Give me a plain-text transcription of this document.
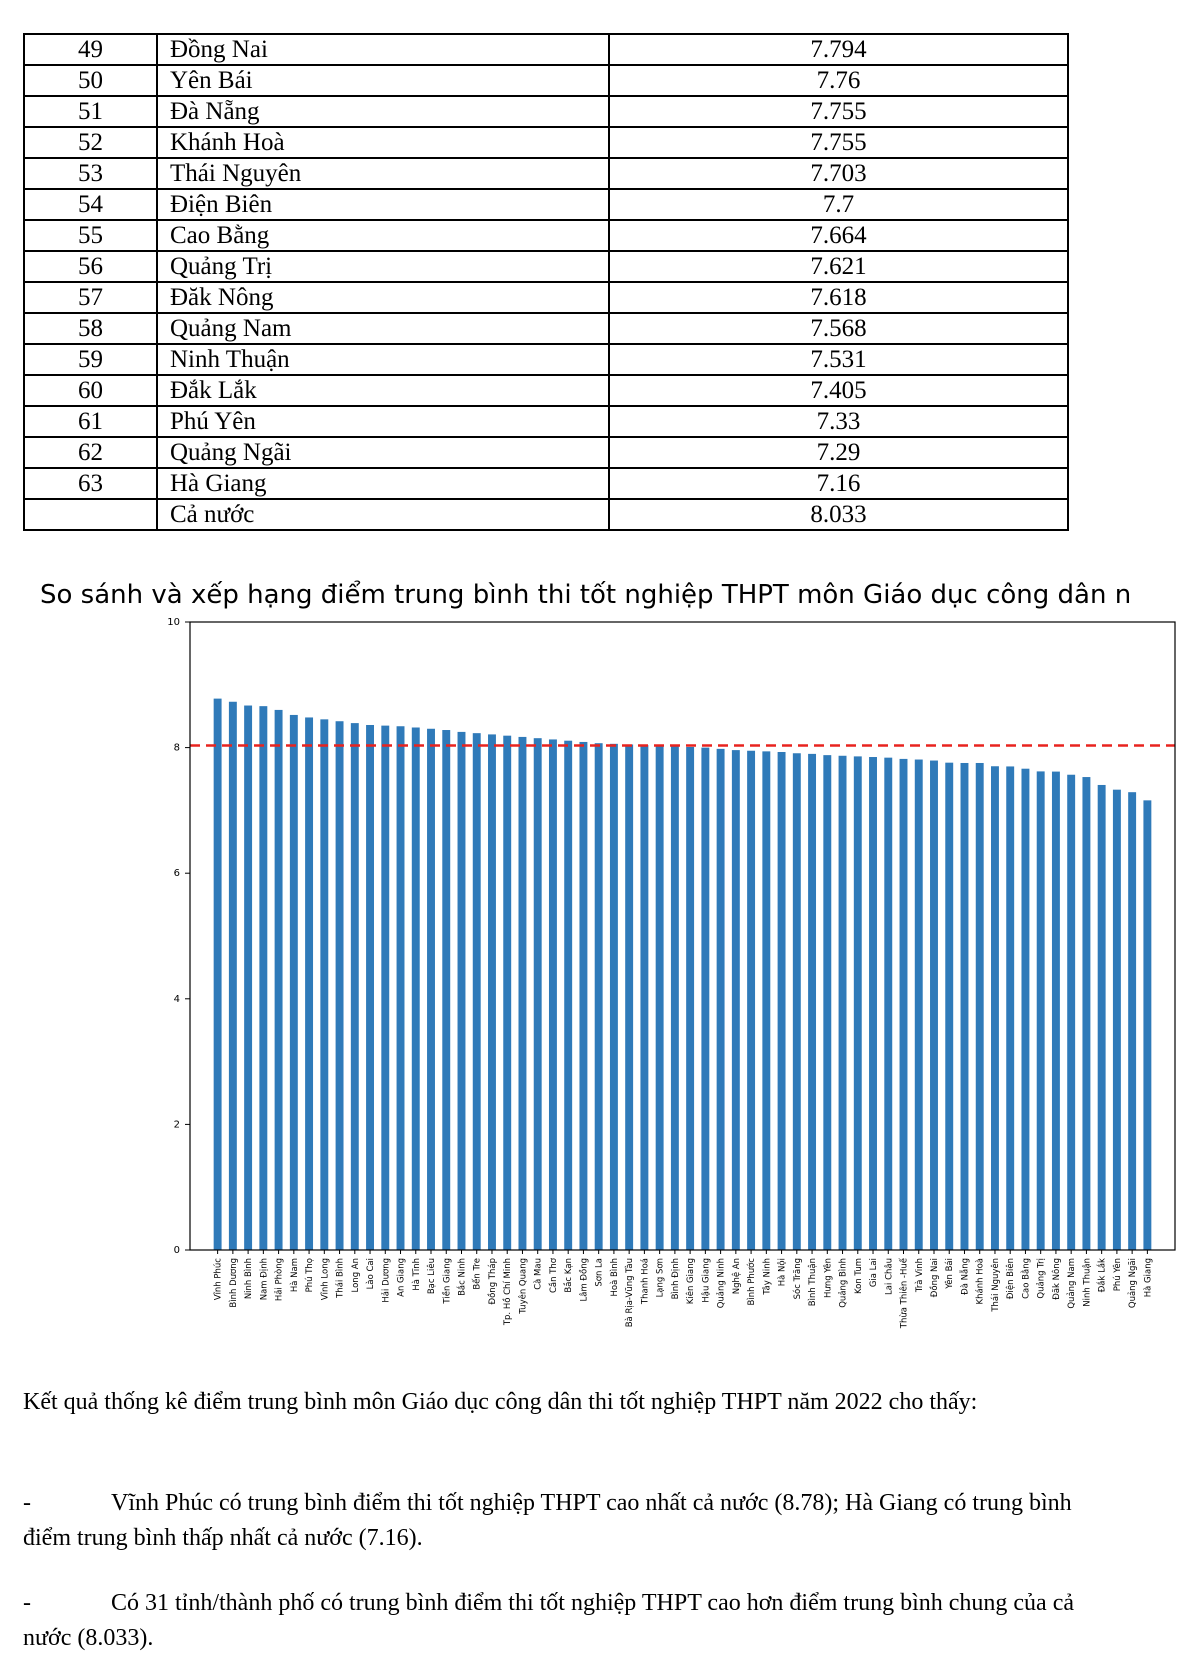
49	Đồng Nai	7.794
50	Yên Bái	7.76
51	Đà Nẵng	7.755
52	Khánh Hoà	7.755
53	Thái Nguyên	7.703
54	Điện Biên	7.7
55	Cao Bằng	7.664
56	Quảng Trị	7.621
57	Đăk Nông	7.618
58	Quảng Nam	7.568
59	Ninh Thuận	7.531
60	Đắk Lắk	7.405
61	Phú Yên	7.33
62	Quảng Ngãi	7.29
63	Hà Giang	7.16
	Cả nước	8.033
So sánh và xếp hạng điểm trung bình thi tốt nghiệp THPT môn Giáo dục công dân n
0
2
4
6
8
10
Vĩnh Phúc Bình Dương Ninh Bình Nam Định Hải Phòng Hà Nam Phú Thọ Vĩnh Long Thái Bình Long An Lào Cai Hải Dương An Giang Hà Tĩnh Bạc Liêu Tiền Giang Bắc Ninh Bến Tre Đồng Tháp Tp. Hồ Chí Minh Tuyên Quang Cà Mau Cần Thơ Bắc Kạn Lâm Đồng Sơn La Hoà Bình Bà Rịa-Vũng Tàu Thanh Hoá Lạng Sơn Bình Định Kiên Giang Hậu Giang Quảng Ninh Nghệ An Bình Phước Tây Ninh Hà Nội Sóc Trăng Bình Thuận Hưng Yên Quảng Bình Kon Tum Gia Lai Lai Châu Thừa Thiên -Huế Trà Vinh Đồng Nai Yên Bái Đà Nẵng Khánh Hoà Thái Nguyên Điện Biên Cao Bằng Quảng Trị Đăk Nông Quảng Nam Ninh Thuận Đắk Lắk Phú Yên Quảng Ngãi Hà Giang
Kết quả thống kê điểm trung bình môn Giáo dục công dân thi tốt nghiệp THPT năm 2022 cho thấy:
-	Vĩnh Phúc có trung bình điểm thi tốt nghiệp THPT cao nhất cả nước (8.78); Hà Giang có trung bình điểm trung bình thấp nhất cả nước (7.16).
-	Có 31 tỉnh/thành phố có trung bình điểm thi tốt nghiệp THPT cao hơn điểm trung bình chung của cả nước (8.033).
